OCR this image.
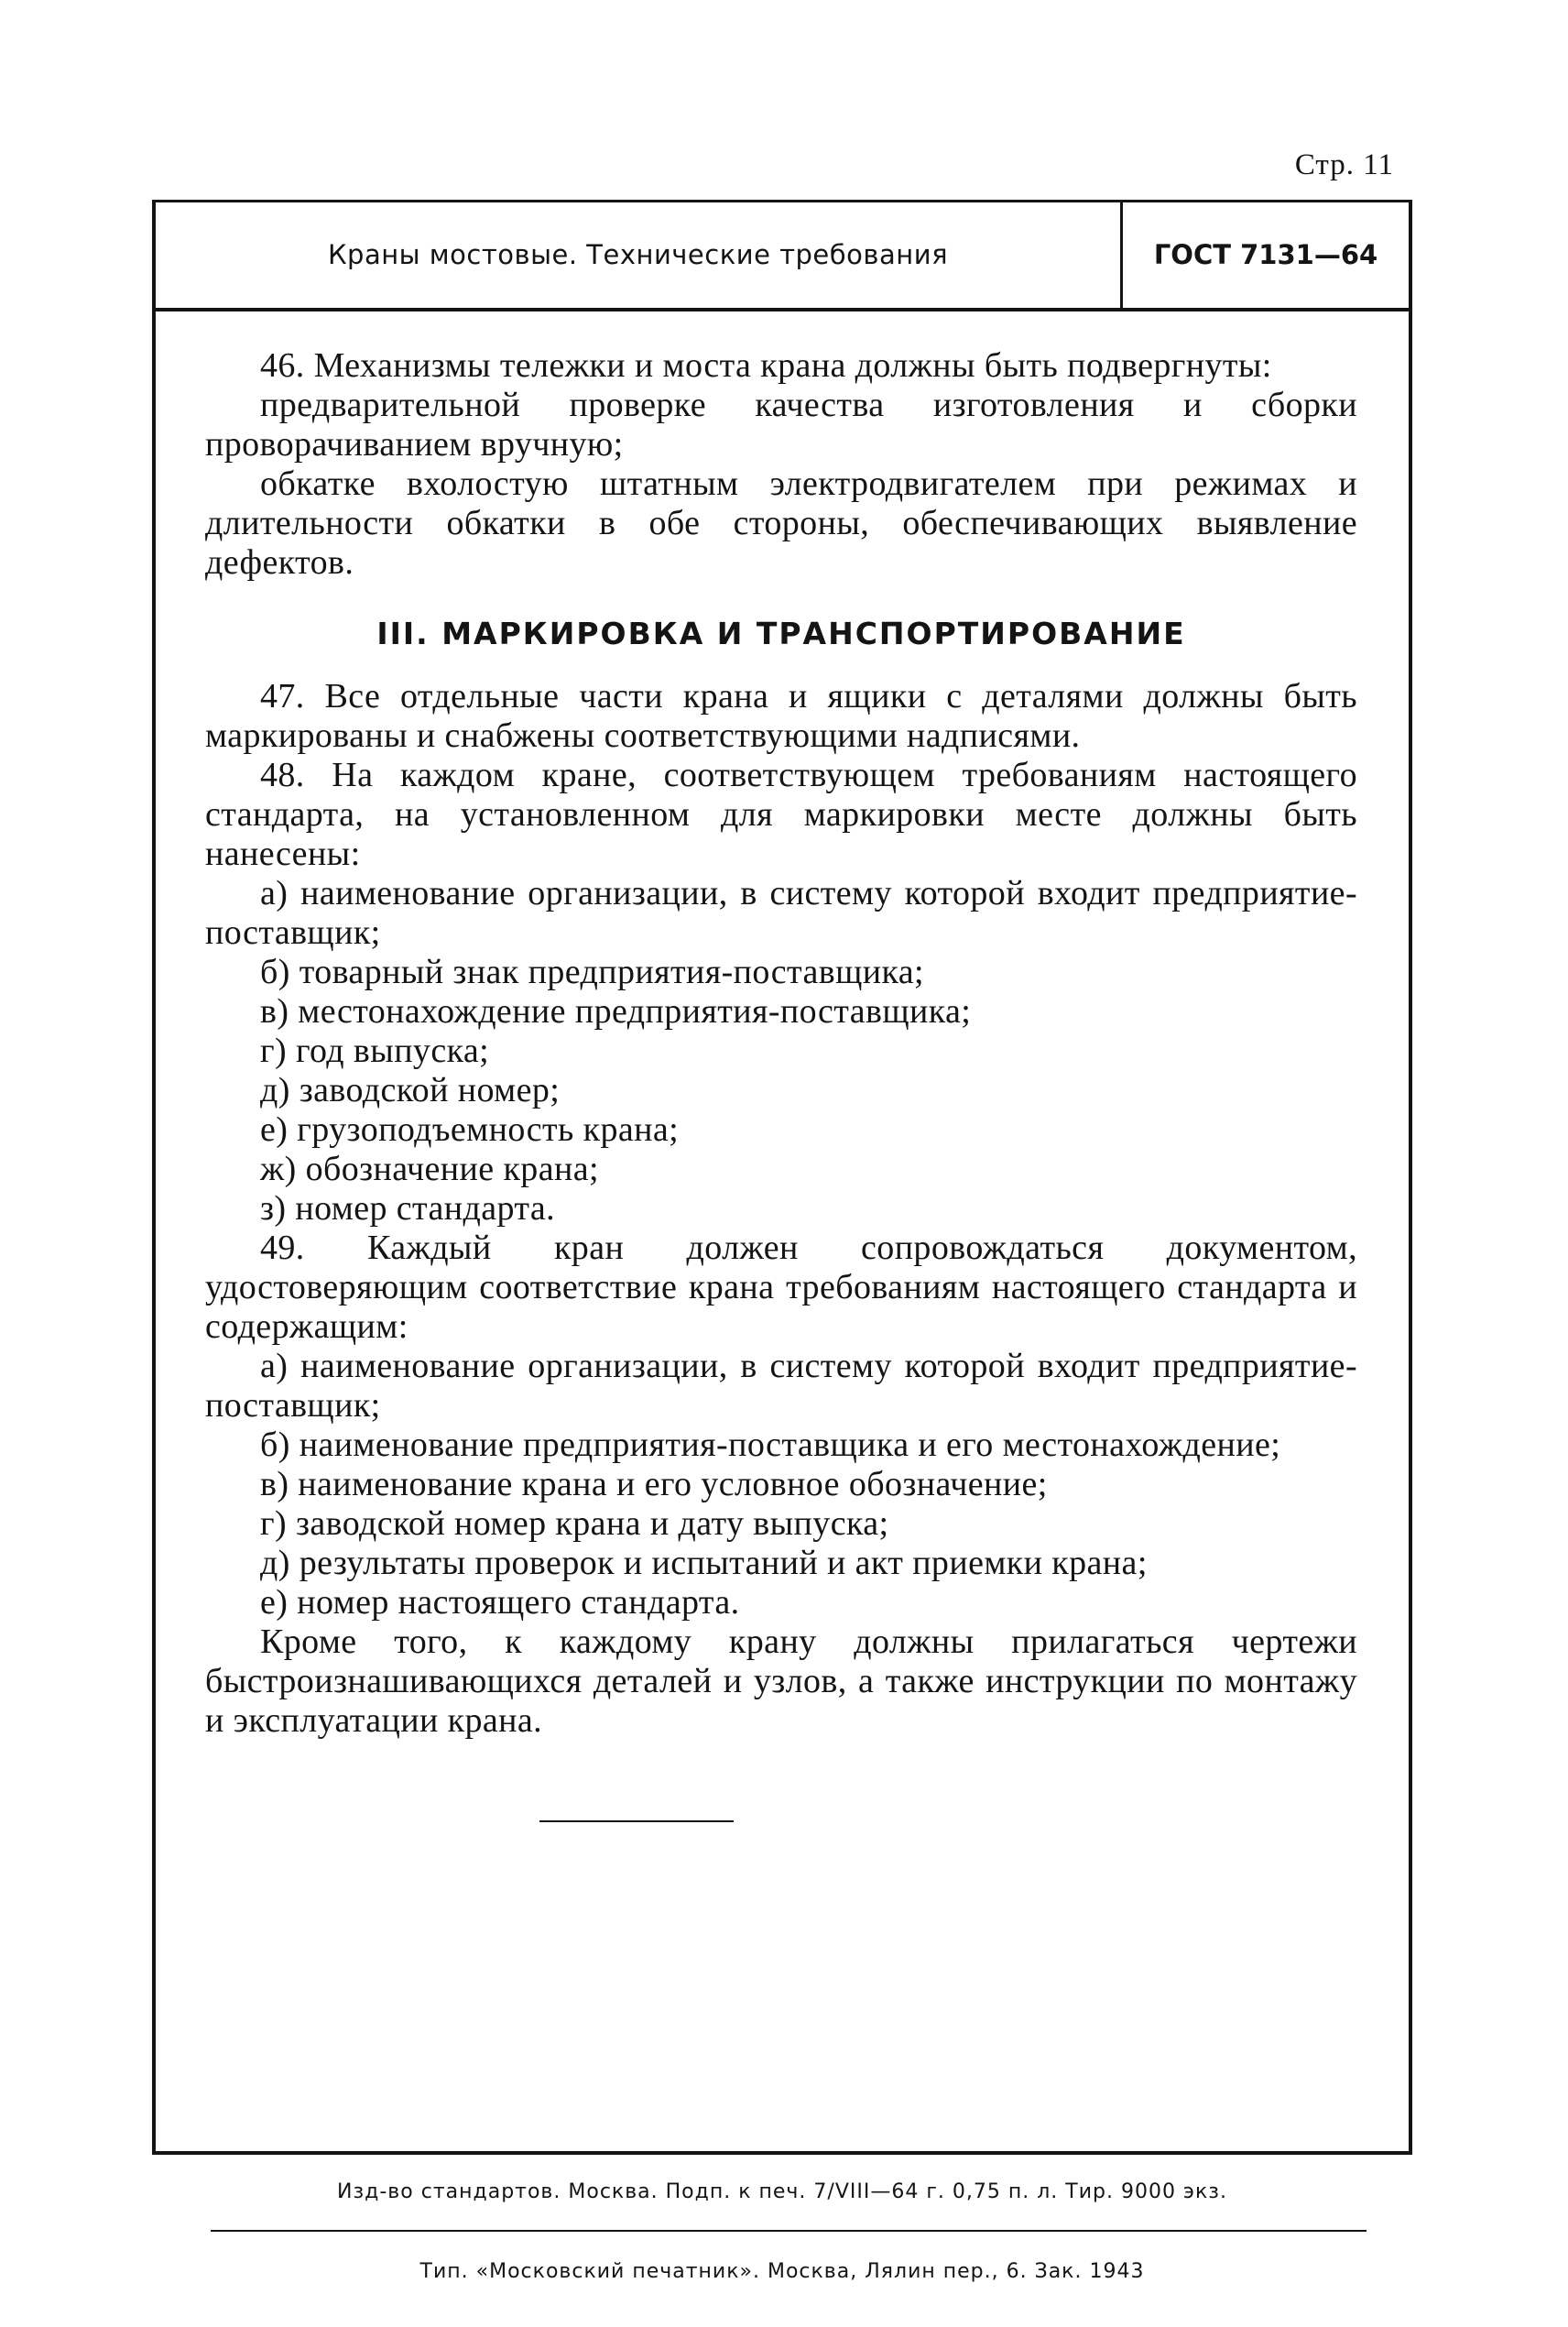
Стр. 11
Краны мостовые. Технические требования	ГОСТ 7131—64

46. Механизмы тележки и моста крана должны быть подвергнуты:

предварительной проверке качества изготовления и сборки проворачиванием вручную;

обкатке вхолостую штатным электродвигателем при режимах и длительности обкатки в обе стороны, обеспечивающих выявление дефектов.

III. МАРКИРОВКА И ТРАНСПОРТИРОВАНИЕ

47. Все отдельные части крана и ящики с деталями должны быть маркированы и снабжены соответствующими надписями.

48. На каждом кране, соответствующем требованиям настоящего стандарта, на установленном для маркировки месте должны быть нанесены:

а) наименование организации, в систему которой входит предприятие-поставщик;

б) товарный знак предприятия-поставщика;

в) местонахождение предприятия-поставщика;

г) год выпуска;

д) заводской номер;

е) грузоподъемность крана;

ж) обозначение крана;

з) номер стандарта.

49. Каждый кран должен сопровождаться документом, удостоверяющим соответствие крана требованиям настоящего стандарта и содержащим:

а) наименование организации, в систему которой входит предприятие-поставщик;

б) наименование предприятия-поставщика и его местонахождение;

в) наименование крана и его условное обозначение;

г) заводской номер крана и дату выпуска;

д) результаты проверок и испытаний и акт приемки крана;

е) номер настоящего стандарта.

Кроме того, к каждому крану должны прилагаться чертежи быстроизнашивающихся деталей и узлов, а также инструкции по монтажу и эксплуатации крана.

Изд-во стандартов. Москва. Подп. к печ. 7/VIII—64 г. 0,75 п. л. Тир. 9000 экз.
Тип. «Московский печатник». Москва, Лялин пер., 6. Зак. 1943
